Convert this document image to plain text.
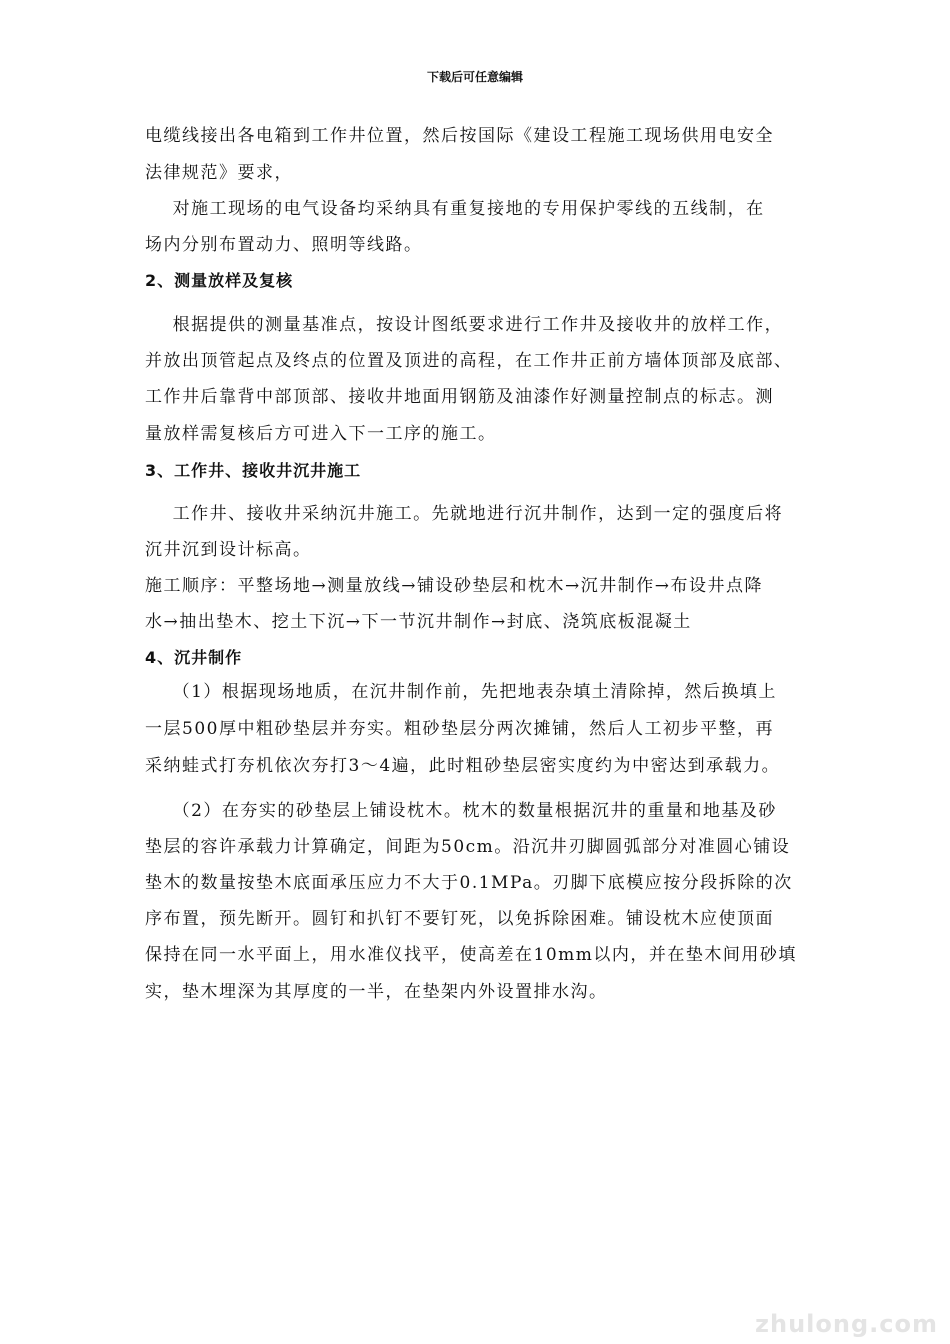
下载后可任意编辑
电缆线接出各电箱到工作井位置，然后按国际《建设工程施工现场供用电安全
法律规范》要求，
对施工现场的电气设备均采纳具有重复接地的专用保护零线的五线制，在
场内分别布置动力、照明等线路。
2、测量放样及复核
根据提供的测量基准点，按设计图纸要求进行工作井及接收井的放样工作，
并放出顶管起点及终点的位置及顶进的高程，在工作井正前方墙体顶部及底部、
工作井后靠背中部顶部、接收井地面用钢筋及油漆作好测量控制点的标志。测
量放样需复核后方可进入下一工序的施工。
3、工作井、接收井沉井施工
工作井、接收井采纳沉井施工。先就地进行沉井制作，达到一定的强度后将
沉井沉到设计标高。
施工顺序：平整场地→测量放线→铺设砂垫层和枕木→沉井制作→布设井点降
水→抽出垫木、挖土下沉→下一节沉井制作→封底、浇筑底板混凝土
4、沉井制作
（1）根据现场地质，在沉井制作前，先把地表杂填土清除掉，然后换填上
一层500厚中粗砂垫层并夯实。粗砂垫层分两次摊铺，然后人工初步平整，再
采纳蛙式打夯机依次夯打3～4遍，此时粗砂垫层密实度约为中密达到承载力。
（2）在夯实的砂垫层上铺设枕木。枕木的数量根据沉井的重量和地基及砂
垫层的容许承载力计算确定，间距为50cm。沿沉井刃脚圆弧部分对准圆心铺设
垫木的数量按垫木底面承压应力不大于0.1MPa。刃脚下底模应按分段拆除的次
序布置，预先断开。圆钉和扒钉不要钉死，以免拆除困难。铺设枕木应使顶面
保持在同一水平面上，用水准仪找平，使高差在10mm以内，并在垫木间用砂填
实，垫木埋深为其厚度的一半，在垫架内外设置排水沟。
zhulong.com
